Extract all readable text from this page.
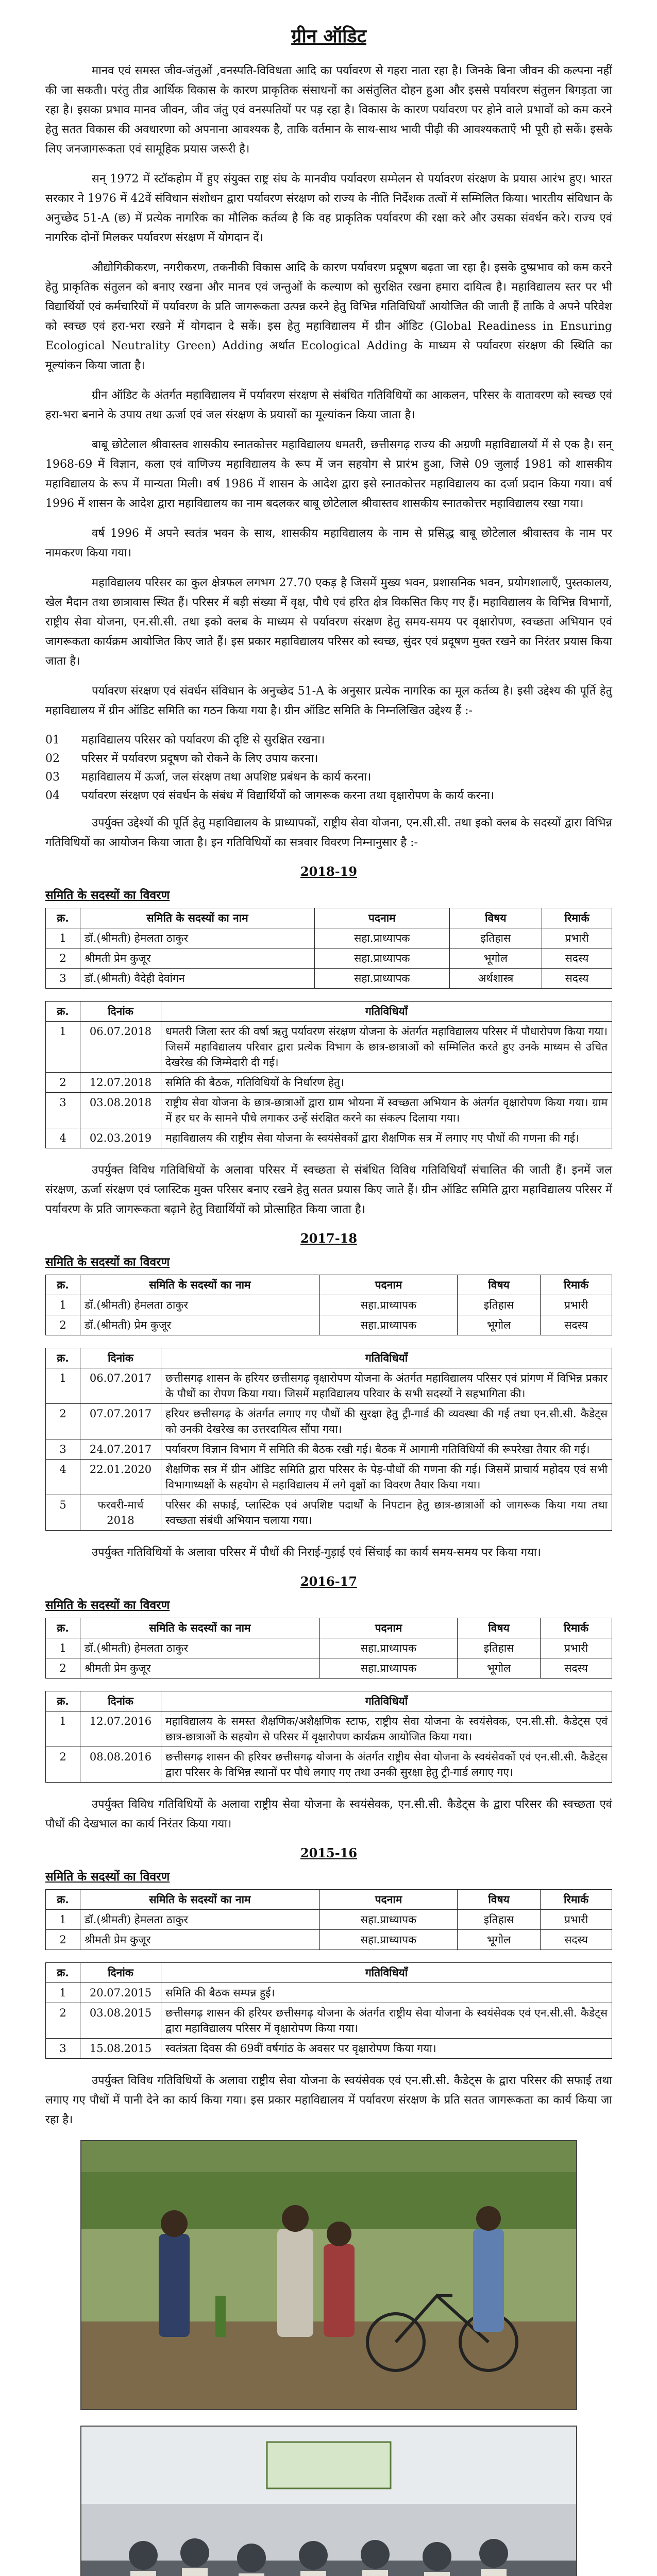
ग्रीन ऑडिट

मानव एवं समस्त जीव-जंतुओं ,वनस्पति-विविधता आदि का पर्यावरण से गहरा नाता रहा है। जिनके बिना जीवन की कल्पना नहीं की जा सकती। परंतु तीव्र आर्थिक विकास के कारण प्राकृतिक संसाधनों का असंतुलित दोहन हुआ और इससे पर्यावरण संतुलन बिगड़ता जा रहा है। इसका प्रभाव मानव जीवन, जीव जंतु एवं वनस्पतियों पर पड़ रहा है। विकास के कारण पर्यावरण पर होने वाले प्रभावों को कम करने हेतु सतत विकास की अवधारणा को अपनाना आवश्यक है, ताकि वर्तमान के साथ-साथ भावी पीढ़ी की आवश्यकताएँ भी पूरी हो सकें। इसके लिए जनजागरूकता एवं सामूहिक प्रयास जरूरी है।

सन् 1972 में स्टॉकहोम में हुए संयुक्त राष्ट्र संघ के मानवीय पर्यावरण सम्मेलन से पर्यावरण संरक्षण के प्रयास आरंभ हुए। भारत सरकार ने 1976 में 42वें संविधान संशोधन द्वारा पर्यावरण संरक्षण को राज्य के नीति निर्देशक तत्वों में सम्मिलित किया। भारतीय संविधान के अनुच्छेद 51-A (छ) में प्रत्येक नागरिक का मौलिक कर्तव्य है कि वह प्राकृतिक पर्यावरण की रक्षा करे और उसका संवर्धन करे। राज्य एवं नागरिक दोनों मिलकर पर्यावरण संरक्षण में योगदान दें।

औद्योगिकीकरण, नगरीकरण, तकनीकी विकास आदि के कारण पर्यावरण प्रदूषण बढ़ता जा रहा है। इसके दुष्प्रभाव को कम करने हेतु प्राकृतिक संतुलन को बनाए रखना और मानव एवं जन्तुओं के कल्याण को सुरक्षित रखना हमारा दायित्व है। महाविद्यालय स्तर पर भी विद्यार्थियों एवं कर्मचारियों में पर्यावरण के प्रति जागरूकता उत्पन्न करने हेतु विभिन्न गतिविधियाँ आयोजित की जाती हैं ताकि वे अपने परिवेश को स्वच्छ एवं हरा-भरा रखने में योगदान दे सकें। इस हेतु महाविद्यालय में ग्रीन ऑडिट (Global Readiness in Ensuring Ecological Neutrality Green) Adding अर्थात Ecological Adding के माध्यम से पर्यावरण संरक्षण की स्थिति का मूल्यांकन किया जाता है।

ग्रीन ऑडिट के अंतर्गत महाविद्यालय में पर्यावरण संरक्षण से संबंधित गतिविधियों का आकलन, परिसर के वातावरण को स्वच्छ एवं हरा-भरा बनाने के उपाय तथा ऊर्जा एवं जल संरक्षण के प्रयासों का मूल्यांकन किया जाता है।

बाबू छोटेलाल श्रीवास्तव शासकीय स्नातकोत्तर महाविद्यालय धमतरी, छत्तीसगढ़ राज्य की अग्रणी महाविद्यालयों में से एक है। सन् 1968-69 में विज्ञान, कला एवं वाणिज्य महाविद्यालय के रूप में जन सहयोग से प्रारंभ हुआ, जिसे 09 जुलाई 1981 को शासकीय महाविद्यालय के रूप में मान्यता मिली। वर्ष 1986 में शासन के आदेश द्वारा इसे स्नातकोत्तर महाविद्यालय का दर्जा प्रदान किया गया। वर्ष 1996 में शासन के आदेश द्वारा महाविद्यालय का नाम बदलकर बाबू छोटेलाल श्रीवास्तव शासकीय स्नातकोत्तर महाविद्यालय रखा गया।

वर्ष 1996 में अपने स्वतंत्र भवन के साथ, शासकीय महाविद्यालय के नाम से प्रसिद्ध बाबू छोटेलाल श्रीवास्तव के नाम पर नामकरण किया गया।

महाविद्यालय परिसर का कुल क्षेत्रफल लगभग 27.70 एकड़ है जिसमें मुख्य भवन, प्रशासनिक भवन, प्रयोगशालाएँ, पुस्तकालय, खेल मैदान तथा छात्रावास स्थित हैं। परिसर में बड़ी संख्या में वृक्ष, पौधे एवं हरित क्षेत्र विकसित किए गए हैं। महाविद्यालय के विभिन्न विभागों, राष्ट्रीय सेवा योजना, एन.सी.सी. तथा इको क्लब के माध्यम से पर्यावरण संरक्षण हेतु समय-समय पर वृक्षारोपण, स्वच्छता अभियान एवं जागरूकता कार्यक्रम आयोजित किए जाते हैं। इस प्रकार महाविद्यालय परिसर को स्वच्छ, सुंदर एवं प्रदूषण मुक्त रखने का निरंतर प्रयास किया जाता है।

पर्यावरण संरक्षण एवं संवर्धन संविधान के अनुच्छेद 51-A के अनुसार प्रत्येक नागरिक का मूल कर्तव्य है। इसी उद्देश्य की पूर्ति हेतु महाविद्यालय में ग्रीन ऑडिट समिति का गठन किया गया है। ग्रीन ऑडिट समिति के निम्नलिखित उद्देश्य हैं :-

01	महाविद्यालय परिसर को पर्यावरण की दृष्टि से सुरक्षित रखना।
02	परिसर में पर्यावरण प्रदूषण को रोकने के लिए उपाय करना।
03	महाविद्यालय में ऊर्जा, जल संरक्षण तथा अपशिष्ट प्रबंधन के कार्य करना।
04	पर्यावरण संरक्षण एवं संवर्धन के संबंध में विद्यार्थियों को जागरूक करना तथा वृक्षारोपण के कार्य करना।

उपर्युक्त उद्देश्यों की पूर्ति हेतु महाविद्यालय के प्राध्यापकों, राष्ट्रीय सेवा योजना, एन.सी.सी. तथा इको क्लब के सदस्यों द्वारा विभिन्न गतिविधियों का आयोजन किया जाता है। इन गतिविधियों का सत्रवार विवरण निम्नानुसार है :-

2018-19
समिति के सदस्यों का विवरण
क्र.	समिति के सदस्यों का नाम	पदनाम	विषय	रिमार्क
1	डॉ.(श्रीमती) हेमलता ठाकुर	सहा.प्राध्यापक	इतिहास	प्रभारी
2	श्रीमती प्रेम कुजूर	सहा.प्राध्यापक	भूगोल	सदस्य
3	डॉ.(श्रीमती) वैदेही देवांगन	सहा.प्राध्यापक	अर्थशास्त्र	सदस्य
क्र.	दिनांक	गतिविधियाँ
1	06.07.2018	धमतरी जिला स्तर की वर्षा ऋतु पर्यावरण संरक्षण योजना के अंतर्गत महाविद्यालय परिसर में पौधारोपण किया गया। जिसमें महाविद्यालय परिवार द्वारा प्रत्येक विभाग के छात्र-छात्राओं को सम्मिलित करते हुए उनके माध्यम से उचित देखरेख की जिम्मेदारी दी गई।
2	12.07.2018	समिति की बैठक, गतिविधियों के निर्धारण हेतु।
3	03.08.2018	राष्ट्रीय सेवा योजना के छात्र-छात्राओं द्वारा ग्राम भोयना में स्वच्छता अभियान के अंतर्गत वृक्षारोपण किया गया। ग्राम में हर घर के सामने पौधे लगाकर उन्हें संरक्षित करने का संकल्प दिलाया गया।
4	02.03.2019	महाविद्यालय की राष्ट्रीय सेवा योजना के स्वयंसेवकों द्वारा शैक्षणिक सत्र में लगाए गए पौधों की गणना की गई।

उपर्युक्त विविध गतिविधियों के अलावा परिसर में स्वच्छता से संबंधित विविध गतिविधियाँ संचालित की जाती हैं। इनमें जल संरक्षण, ऊर्जा संरक्षण एवं प्लास्टिक मुक्त परिसर बनाए रखने हेतु सतत प्रयास किए जाते हैं। ग्रीन ऑडिट समिति द्वारा महाविद्यालय परिसर में पर्यावरण के प्रति जागरूकता बढ़ाने हेतु विद्यार्थियों को प्रोत्साहित किया जाता है।

2017-18
समिति के सदस्यों का विवरण
क्र.	समिति के सदस्यों का नाम	पदनाम	विषय	रिमार्क
1	डॉ.(श्रीमती) हेमलता ठाकुर	सहा.प्राध्यापक	इतिहास	प्रभारी
2	डॉ.(श्रीमती) प्रेम कुजूर	सहा.प्राध्यापक	भूगोल	सदस्य
क्र.	दिनांक	गतिविधियाँ
1	06.07.2017	छत्तीसगढ़ शासन के हरियर छत्तीसगढ़ वृक्षारोपण योजना के अंतर्गत महाविद्यालय परिसर एवं प्रांगण में विभिन्न प्रकार के पौधों का रोपण किया गया। जिसमें महाविद्यालय परिवार के सभी सदस्यों ने सहभागिता की।
2	07.07.2017	हरियर छत्तीसगढ़ के अंतर्गत लगाए गए पौधों की सुरक्षा हेतु ट्री-गार्ड की व्यवस्था की गई तथा एन.सी.सी. कैडेट्स को उनकी देखरेख का उत्तरदायित्व सौंपा गया।
3	24.07.2017	पर्यावरण विज्ञान विभाग में समिति की बैठक रखी गई। बैठक में आगामी गतिविधियों की रूपरेखा तैयार की गई।
4	22.01.2020	शैक्षणिक सत्र में ग्रीन ऑडिट समिति द्वारा परिसर के पेड़-पौधों की गणना की गई। जिसमें प्राचार्य महोदय एवं सभी विभागाध्यक्षों के सहयोग से महाविद्यालय में लगे वृक्षों का विवरण तैयार किया गया।
5	फरवरी-मार्च 2018	परिसर की सफाई, प्लास्टिक एवं अपशिष्ट पदार्थों के निपटान हेतु छात्र-छात्राओं को जागरूक किया गया तथा स्वच्छता संबंधी अभियान चलाया गया।

उपर्युक्त गतिविधियों के अलावा परिसर में पौधों की निराई-गुड़ाई एवं सिंचाई का कार्य समय-समय पर किया गया।

2016-17
समिति के सदस्यों का विवरण
क्र.	समिति के सदस्यों का नाम	पदनाम	विषय	रिमार्क
1	डॉ.(श्रीमती) हेमलता ठाकुर	सहा.प्राध्यापक	इतिहास	प्रभारी
2	श्रीमती प्रेम कुजूर	सहा.प्राध्यापक	भूगोल	सदस्य
क्र.	दिनांक	गतिविधियाँ
1	12.07.2016	महाविद्यालय के समस्त शैक्षणिक/अशैक्षणिक स्टाफ, राष्ट्रीय सेवा योजना के स्वयंसेवक, एन.सी.सी. कैडेट्स एवं छात्र-छात्राओं के सहयोग से परिसर में वृक्षारोपण कार्यक्रम आयोजित किया गया।
2	08.08.2016	छत्तीसगढ़ शासन की हरियर छत्तीसगढ़ योजना के अंतर्गत राष्ट्रीय सेवा योजना के स्वयंसेवकों एवं एन.सी.सी. कैडेट्स द्वारा परिसर के विभिन्न स्थानों पर पौधे लगाए गए तथा उनकी सुरक्षा हेतु ट्री-गार्ड लगाए गए।

उपर्युक्त विविध गतिविधियों के अलावा राष्ट्रीय सेवा योजना के स्वयंसेवक, एन.सी.सी. कैडेट्स के द्वारा परिसर की स्वच्छता एवं पौधों की देखभाल का कार्य निरंतर किया गया।

2015-16
समिति के सदस्यों का विवरण
क्र.	समिति के सदस्यों का नाम	पदनाम	विषय	रिमार्क
1	डॉ.(श्रीमती) हेमलता ठाकुर	सहा.प्राध्यापक	इतिहास	प्रभारी
2	श्रीमती प्रेम कुजूर	सहा.प्राध्यापक	भूगोल	सदस्य
क्र.	दिनांक	गतिविधियाँ
1	20.07.2015	समिति की बैठक सम्पन्न हुई।
2	03.08.2015	छत्तीसगढ़ शासन की हरियर छत्तीसगढ़ योजना के अंतर्गत राष्ट्रीय सेवा योजना के स्वयंसेवक एवं एन.सी.सी. कैडेट्स द्वारा महाविद्यालय परिसर में वृक्षारोपण किया गया।
3	15.08.2015	स्वतंत्रता दिवस की 69वीं वर्षगांठ के अवसर पर वृक्षारोपण किया गया।

उपर्युक्त विविध गतिविधियों के अलावा राष्ट्रीय सेवा योजना के स्वयंसेवक एवं एन.सी.सी. कैडेट्स के द्वारा परिसर की सफाई तथा लगाए गए पौधों में पानी देने का कार्य किया गया। इस प्रकार महाविद्यालय में पर्यावरण संरक्षण के प्रति सतत जागरूकता का कार्य किया जा रहा है।
